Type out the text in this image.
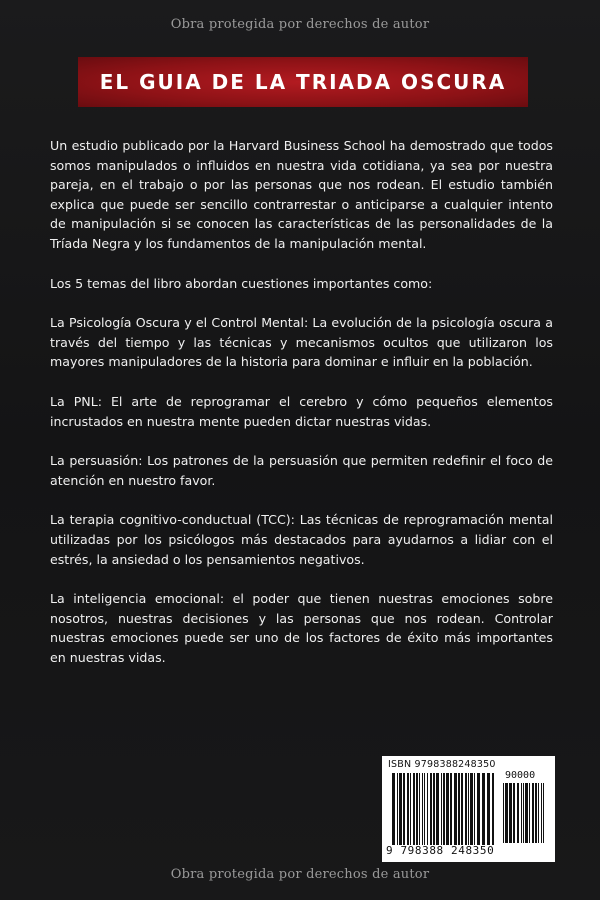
Obra protegida por derechos de autor
EL GUIA DE LA TRIADA OSCURA

Un estudio publicado por la Harvard Business School ha demostrado que todos somos manipulados o influidos en nuestra vida cotidiana, ya sea por nuestra pareja, en el trabajo o por las personas que nos rodean. El estudio también explica que puede ser sencillo contrarrestar o anticiparse a cualquier intento de manipulación si se conocen las características de las personalidades de la Tríada Negra y los fundamentos de la manipulación mental.

Los 5 temas del libro abordan cuestiones importantes como:

La Psicología Oscura y el Control Mental: La evolución de la psicología oscura a través del tiempo y las técnicas y mecanismos ocultos que utilizaron los mayores manipuladores de la historia para dominar e influir en la población.

La PNL: El arte de reprogramar el cerebro y cómo pequeños elementos incrustados en nuestra mente pueden dictar nuestras vidas.

La persuasión: Los patrones de la persuasión que permiten redefinir el foco de atención en nuestro favor.

La terapia cognitivo-conductual (TCC): Las técnicas de reprogramación mental utilizadas por los psicólogos más destacados para ayudarnos a lidiar con el estrés, la ansiedad o los pensamientos negativos.

La inteligencia emocional: el poder que tienen nuestras emociones sobre nosotros, nuestras decisiones y las personas que nos rodean. Controlar nuestras emociones puede ser uno de los factores de éxito más importantes en nuestras vidas.

ISBN 9798388248350
90000
9 798388 248350
Obra protegida por derechos de autor
